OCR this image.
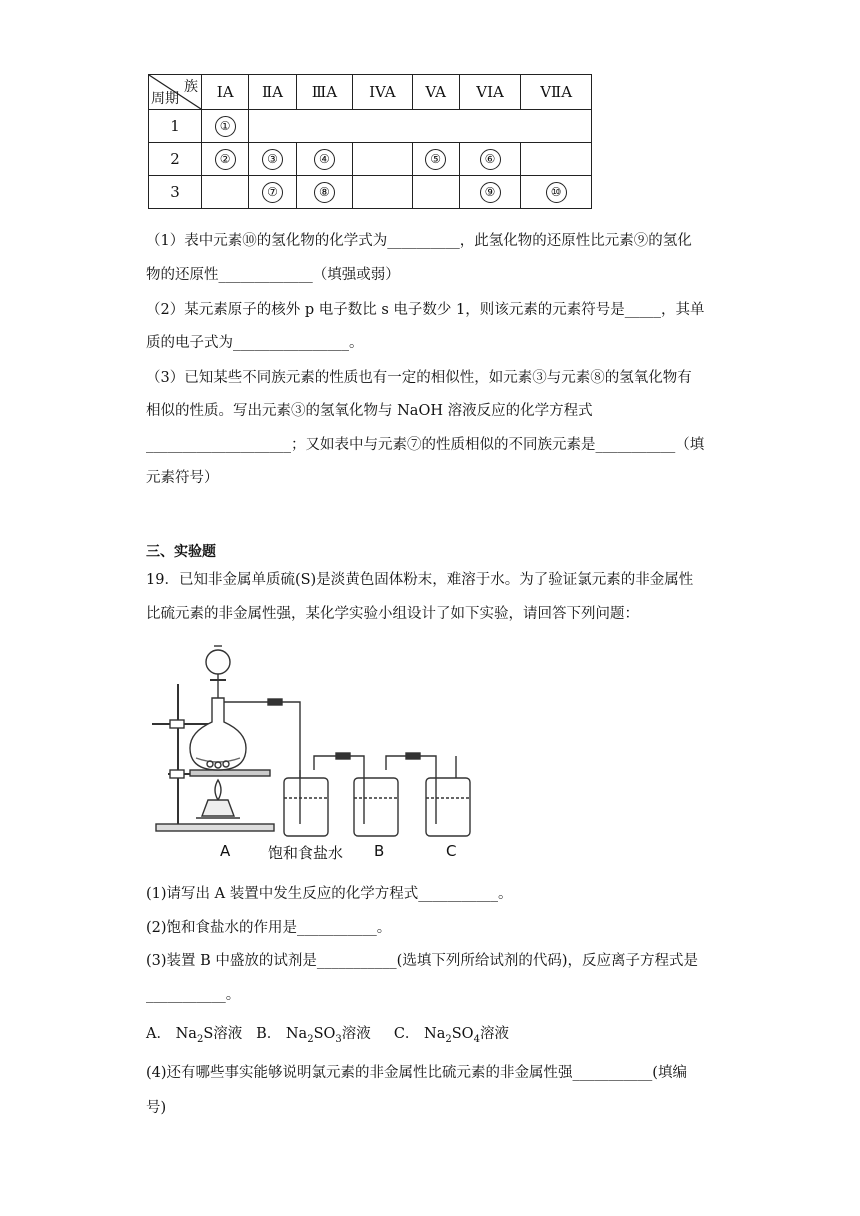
族
周期	IA	ⅡA	ⅢA	IVA	VA	VIA	VⅡA
1	①						
2	②	③	④		⑤	⑥	
3		⑦	⑧			⑨	⑩
（1）表中元素⑩的氢化物的化学式为__________，此氢化物的还原性比元素⑨的氢化
物的还原性_____________（填强或弱）
（2）某元素原子的核外 p 电子数比 s 电子数少 1，则该元素的元素符号是_____，其单
质的电子式为________________。
（3）已知某些不同族元素的性质也有一定的相似性，如元素③与元素⑧的氢氧化物有
相似的性质。写出元素③的氢氧化物与 NaOH 溶液反应的化学方程式
____________________；又如表中与元素⑦的性质相似的不同族元素是___________（填
元素符号）
三、实验题
19．已知非金属单质硫(S)是淡黄色固体粉末，难溶于水。为了验证氯元素的非金属性
比硫元素的非金属性强，某化学实验小组设计了如下实验，请回答下列问题：
A	饱和食盐水 B	C
(1)请写出 A 装置中发生反应的化学方程式___________。
(2)饱和食盐水的作用是___________。
(3)装置 B 中盛放的试剂是___________(选填下列所给试剂的代码)，反应离子方程式是
___________。
A． $Na_2S$溶液 B． $Na_2SO_3$溶液 C． $Na_2SO_4$溶液
(4)还有哪些事实能够说明氯元素的非金属性比硫元素的非金属性强___________(填编
号)
